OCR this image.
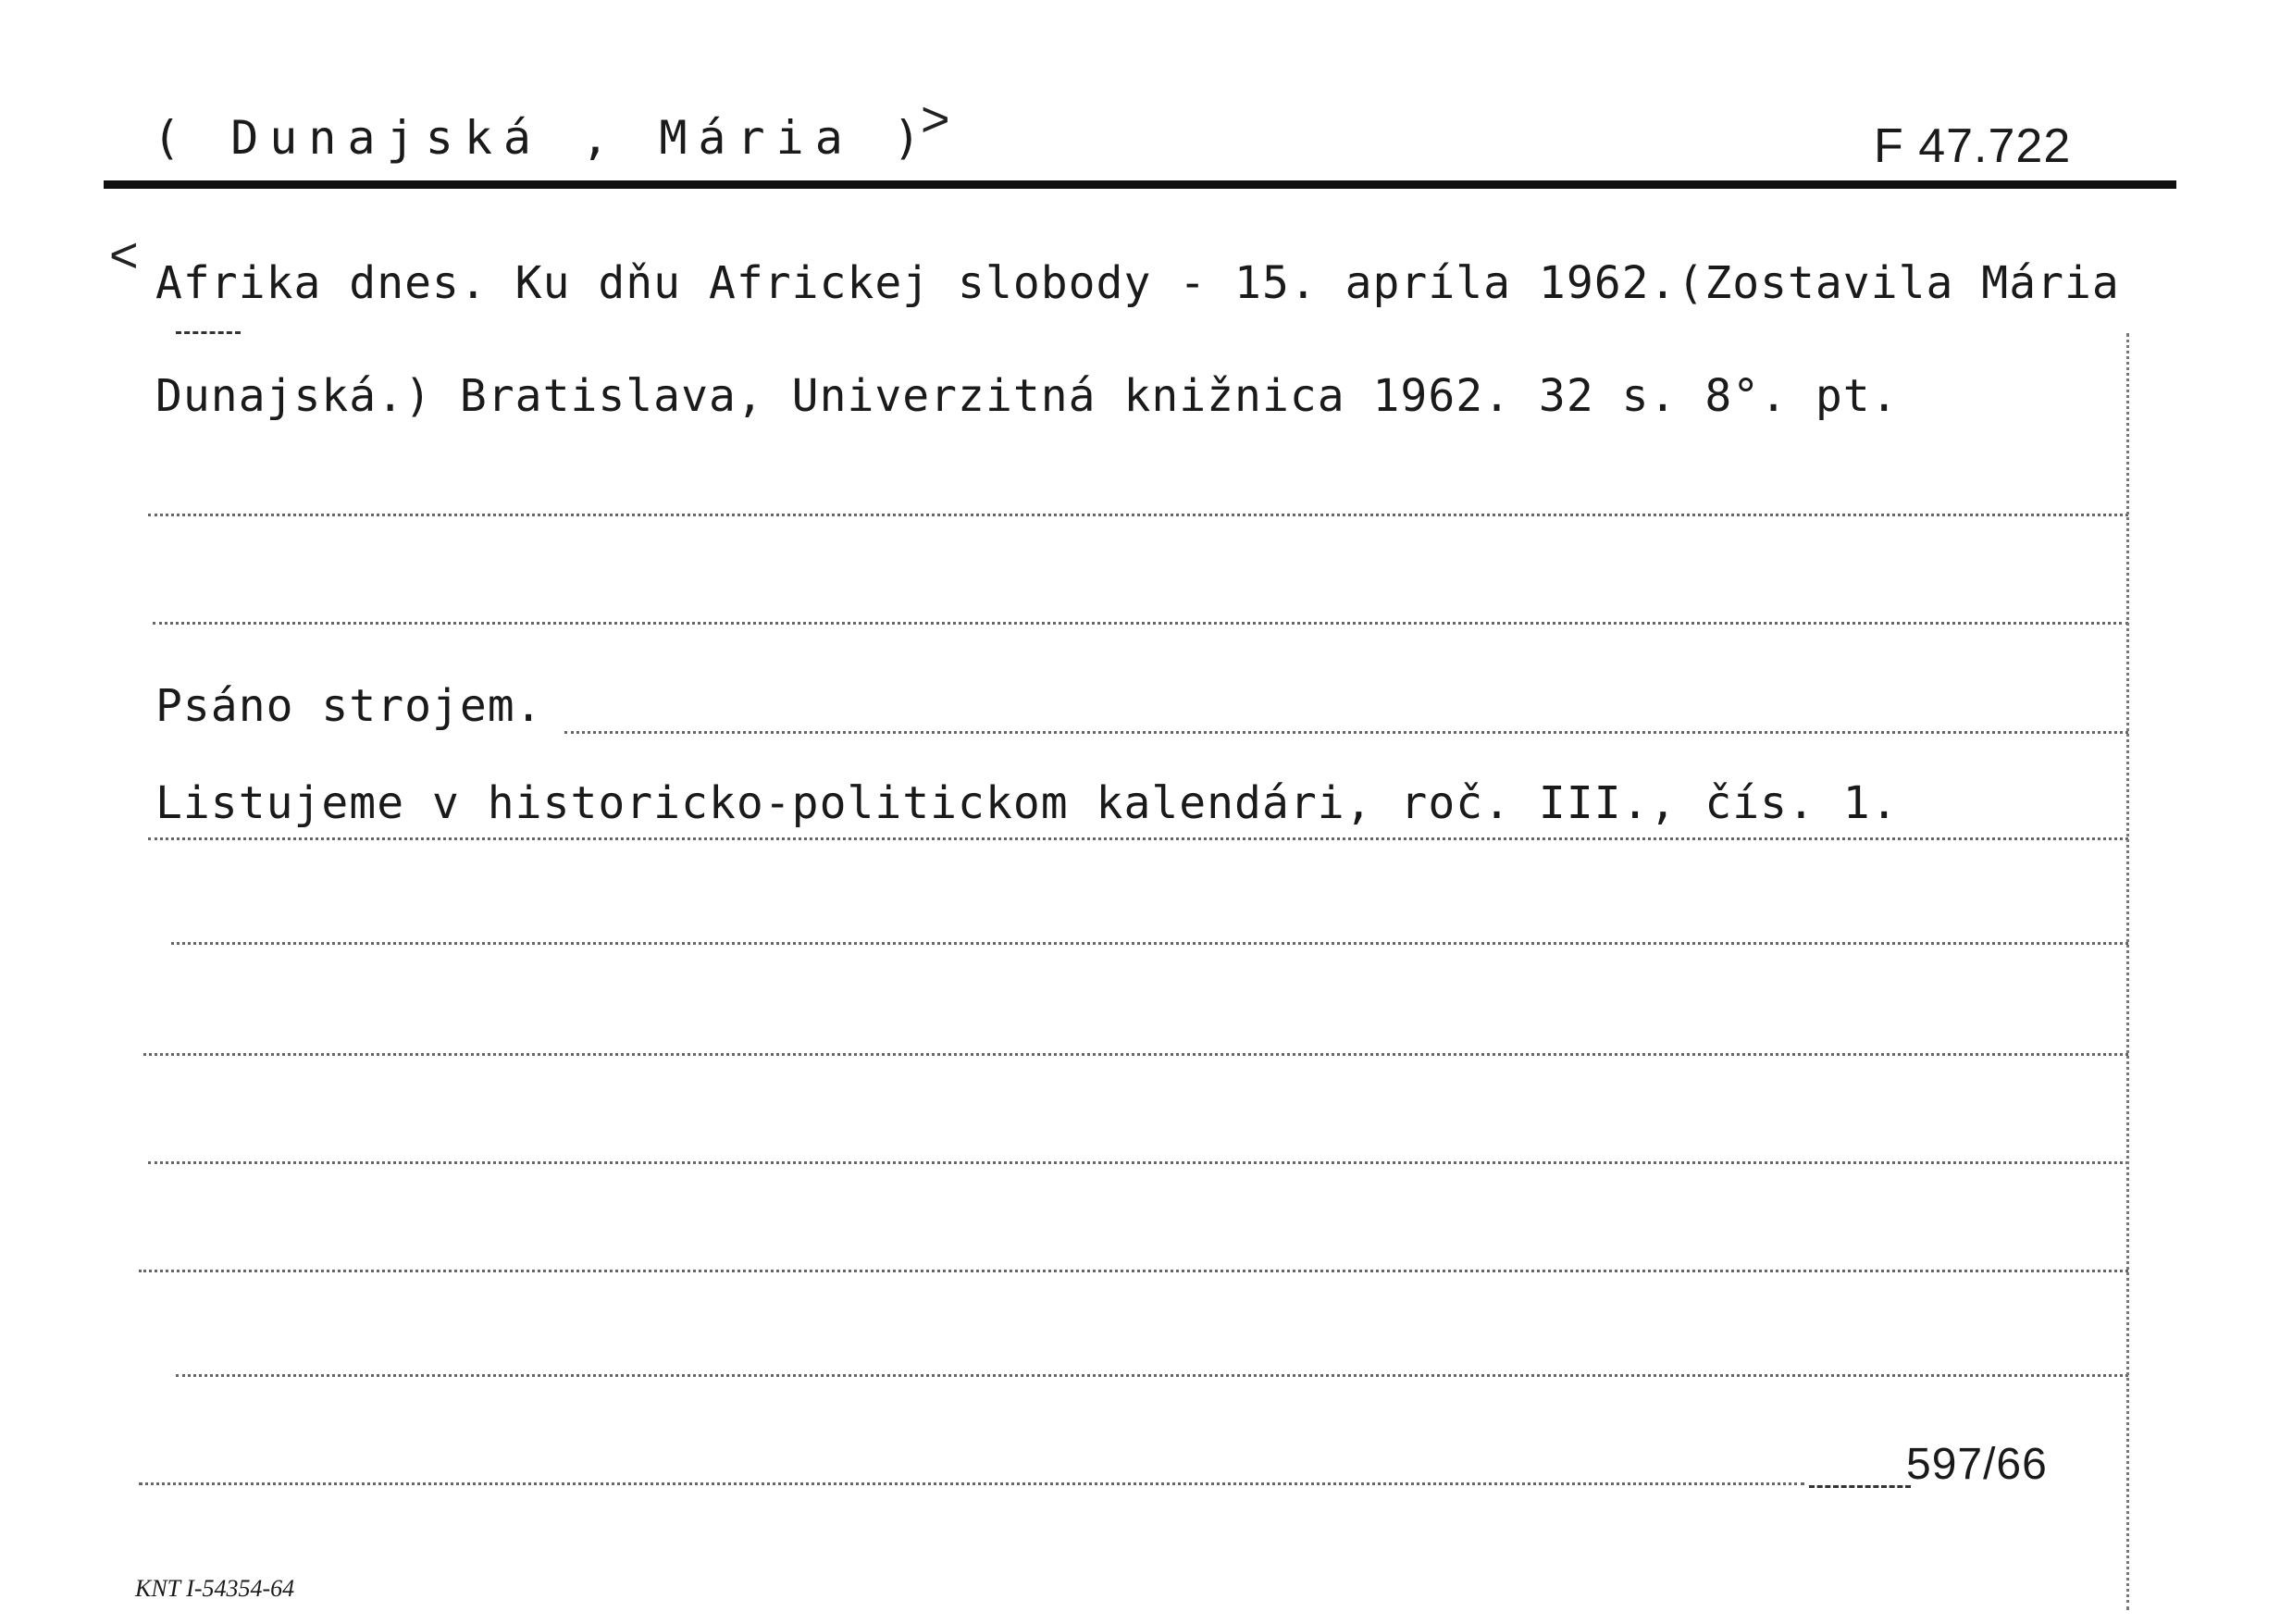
( Dunajská , Mária )
>	F 47.722
< Afrika dnes. Ku dňu Africkej slobody - 15. apríla 1962.(Zostavila Mária
Dunajská.) Bratislava, Univerzitná knižnica 1962. 32 s. 8°. pt.
Psáno strojem.
Listujeme v historicko-politickom kalendári, roč. III., čís. 1.
597/66
KNT I-54354-64
